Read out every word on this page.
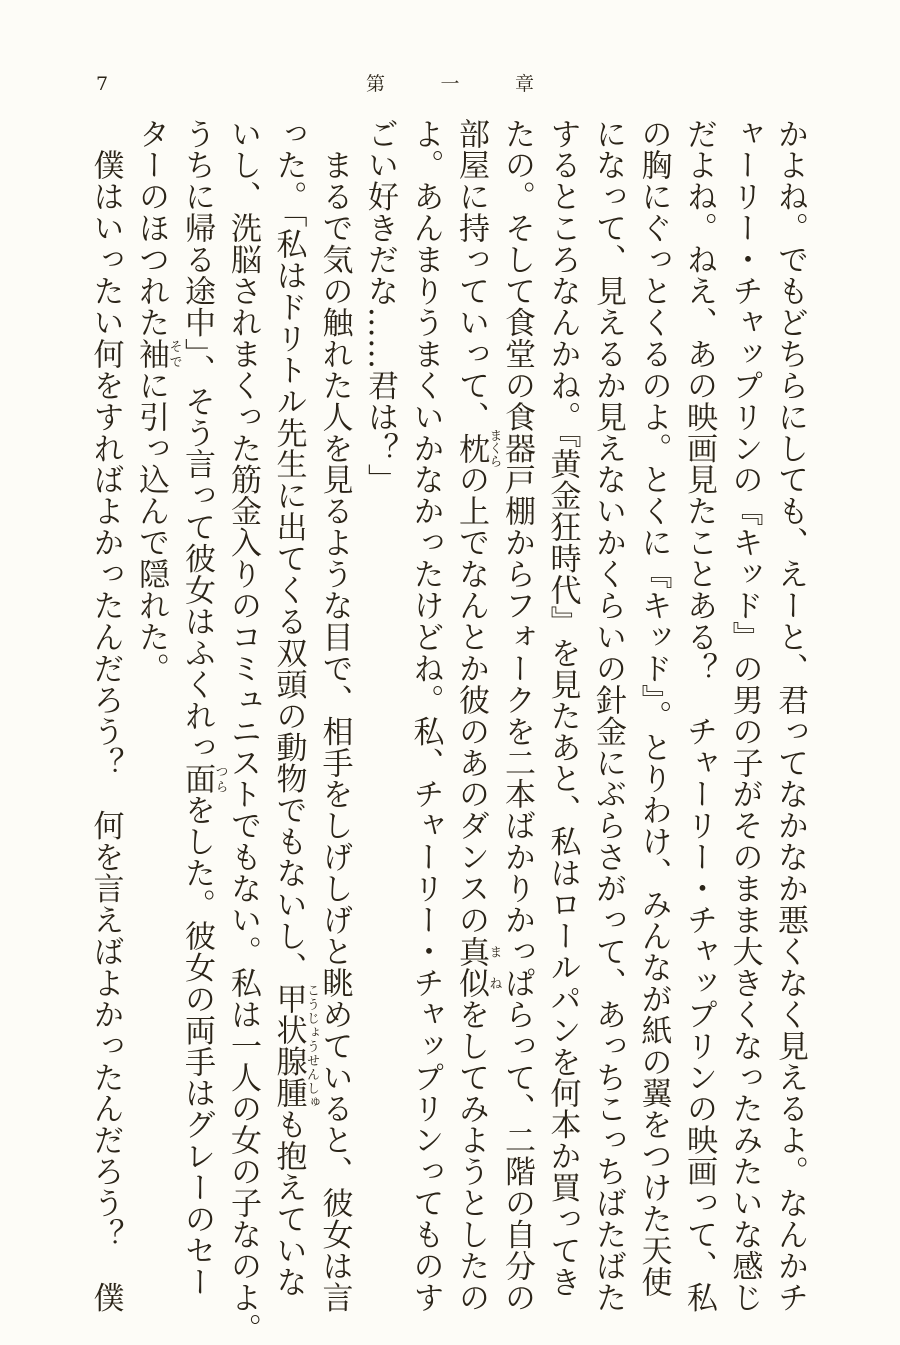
7	第	一	章
かよね。でもどちらにしても、えーと、君ってなかなか悪くなく見えるよ。なんかチ
ャーリー・チャップリンの『キッド』の男の子がそのまま大きくなったみたいな感じ
だよね。ねえ、あの映画見たことある？　チャーリー・チャップリンの映画って、私
の胸にぐっとくるのよ。とくに『キッド』。とりわけ、みんなが紙の翼をつけた天使
になって、見えるか見えないかくらいの針金にぶらさがって、あっちこっちばたばた
するところなんかね。『黄金狂時代』を見たあと、私はロールパンを何本か買ってき
たの。そして食堂の食器戸棚からフォークを二本ばかりかっぱらって、二階の自分の
部屋に持っていって、枕まくらの上でなんとか彼のあのダンスの真似まねをしてみようとしたの
よ。あんまりうまくいかなかったけどね。私、チャーリー・チャップリンってものす
ごい好きだな……君は？」
　まるで気の触れた人を見るような目で、相手をしげしげと眺めていると、彼女は言
った。「私はドリトル先生に出てくる双頭の動物でもないし、甲状腺腫こうじょうせんしゅも抱えていな
いし、洗脳されまくった筋金入りのコミュニストでもない。私は一人の女の子なのよ。
うちに帰る途中」、そう言って彼女はふくれっ面つらをした。彼女の両手はグレーのセー
ターのほつれた袖そでに引っ込んで隠れた。
　僕はいったい何をすればよかったんだろう？　何を言えばよかったんだろう？　僕
